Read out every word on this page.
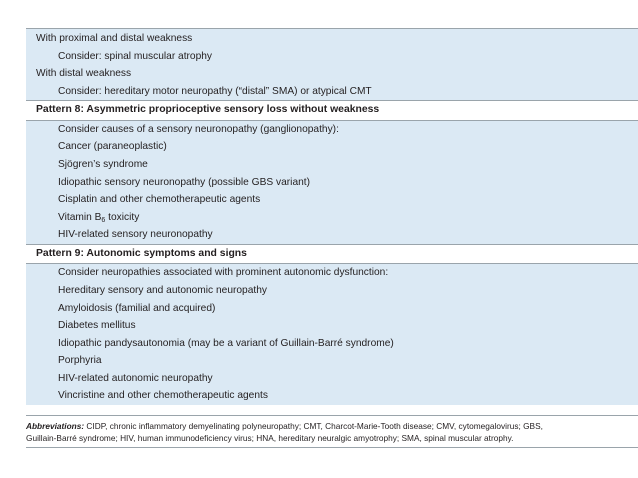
With proximal and distal weakness
Consider: spinal muscular atrophy
With distal weakness
Consider: hereditary motor neuropathy (“distal” SMA) or atypical CMT
Pattern 8: Asymmetric proprioceptive sensory loss without weakness
Consider causes of a sensory neuronopathy (ganglionopathy):
Cancer (paraneoplastic)
Sjögren’s syndrome
Idiopathic sensory neuronopathy (possible GBS variant)
Cisplatin and other chemotherapeutic agents
Vitamin $B_6$ toxicity
HIV-related sensory neuronopathy
Pattern 9: Autonomic symptoms and signs
Consider neuropathies associated with prominent autonomic dysfunction:
Hereditary sensory and autonomic neuropathy
Amyloidosis (familial and acquired)
Diabetes mellitus
Idiopathic pandysautonomia (may be a variant of Guillain-Barré syndrome)
Porphyria
HIV-related autonomic neuropathy
Vincristine and other chemotherapeutic agents
Abbreviations: CIDP, chronic inflammatory demyelinating polyneuropathy; CMT, Charcot-Marie-Tooth disease; CMV, cytomegalovirus; GBS,
Guillain-Barré syndrome; HIV, human immunodeficiency virus; HNA, hereditary neuralgic amyotrophy; SMA, spinal muscular atrophy.
